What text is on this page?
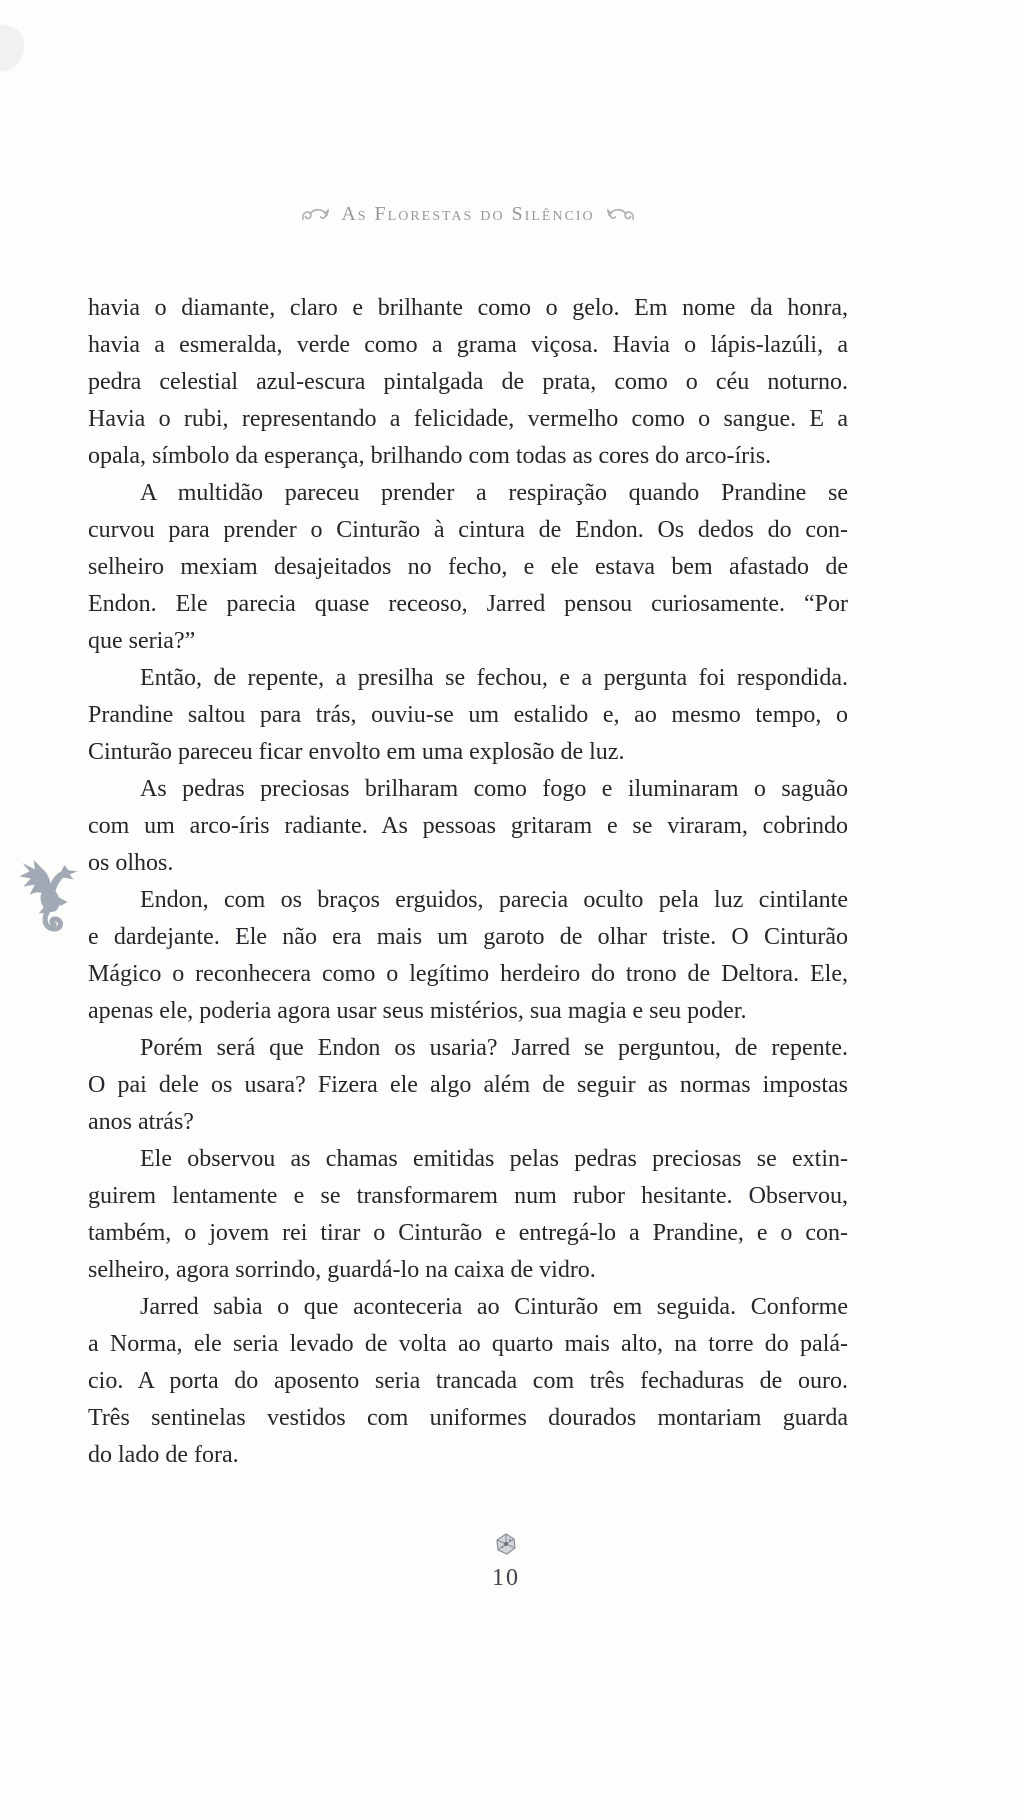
As Florestas do Silêncio
havia o diamante, claro e brilhante como o gelo. Em nome da honra,
havia a esmeralda, verde como a grama viçosa. Havia o lápis-lazúli, a
pedra celestial azul-escura pintalgada de prata, como o céu noturno.
Havia o rubi, representando a felicidade, vermelho como o sangue. E a
opala, símbolo da esperança, brilhando com todas as cores do arco-íris.
A multidão pareceu prender a respiração quando Prandine se
curvou para prender o Cinturão à cintura de Endon. Os dedos do con-
selheiro mexiam desajeitados no fecho, e ele estava bem afastado de
Endon. Ele parecia quase receoso, Jarred pensou curiosamente. “Por
que seria?”
Então, de repente, a presilha se fechou, e a pergunta foi respondida.
Prandine saltou para trás, ouviu-se um estalido e, ao mesmo tempo, o
Cinturão pareceu ficar envolto em uma explosão de luz.
As pedras preciosas brilharam como fogo e iluminaram o saguão
com um arco-íris radiante. As pessoas gritaram e se viraram, cobrindo
os olhos.
Endon, com os braços erguidos, parecia oculto pela luz cintilante
e dardejante. Ele não era mais um garoto de olhar triste. O Cinturão
Mágico o reconhecera como o legítimo herdeiro do trono de Deltora. Ele,
apenas ele, poderia agora usar seus mistérios, sua magia e seu poder.
Porém será que Endon os usaria? Jarred se perguntou, de repente.
O pai dele os usara? Fizera ele algo além de seguir as normas impostas
anos atrás?
Ele observou as chamas emitidas pelas pedras preciosas se extin-
guirem lentamente e se transformarem num rubor hesitante. Observou,
também, o jovem rei tirar o Cinturão e entregá-lo a Prandine, e o con-
selheiro, agora sorrindo, guardá-lo na caixa de vidro.
Jarred sabia o que aconteceria ao Cinturão em seguida. Conforme
a Norma, ele seria levado de volta ao quarto mais alto, na torre do palá-
cio. A porta do aposento seria trancada com três fechaduras de ouro.
Três sentinelas vestidos com uniformes dourados montariam guarda
do lado de fora.
10
